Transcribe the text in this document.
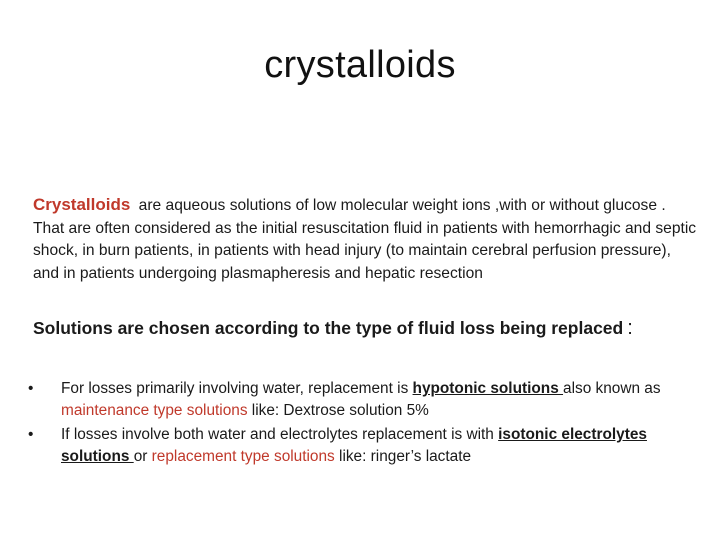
crystalloids
Crystalloids are aqueous solutions of low molecular weight ions ,with or without glucose . That are often considered as the initial resuscitation fluid in patients with hemorrhagic and septic shock, in burn patients, in patients with head injury (to maintain cerebral perfusion pressure), and in patients undergoing plasmapheresis and hepatic resection
Solutions are chosen according to the type of fluid loss being replaced :
•	For losses primarily involving water, replacement is hypotonic solutions also known as maintenance type solutions like: Dextrose solution 5%
•	If losses involve both water and electrolytes replacement is with isotonic electrolytes solutions or replacement type solutions like: ringer’s lactate
